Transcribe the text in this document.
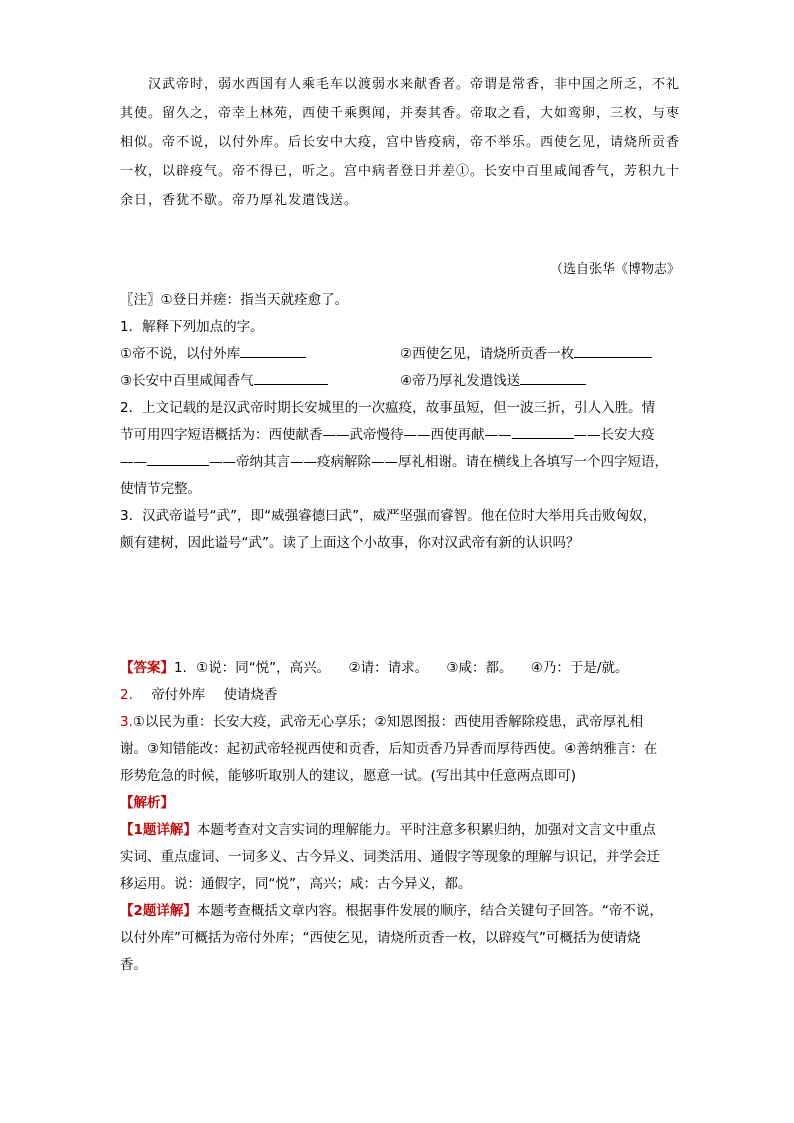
汉武帝时，弱水西国有人乘毛车以渡弱水来献香者。帝谓是常香，非中国之所乏，不礼

其使。留久之，帝幸上林苑，西使千乘舆闻，并奏其香。帝取之看，大如鸾卵，三枚，与枣

相似。帝不说，以付外库。后长安中大疫，宫中皆疫病，帝不举乐。西使乞见，请烧所贡香

一枚，以辟疫气。帝不得已，听之。宫中病者登日并差①。长安中百里咸闻香气，芳积九十

余日，香犹不歇。帝乃厚礼发遣饯送。

（选自张华《博物志》
〖注〗①登日并瘥：指当天就痊愈了。
1．解释下列加点的字。
①帝不说，以付外库	②西使乞见，请烧所贡香一枚
③长安中百里咸闻香气	④帝乃厚礼发遣饯送
2．上文记载的是汉武帝时期长安城里的一次瘟疫，故事虽短，但一波三折，引人入胜。情
节可用四字短语概括为：西使献香——武帝慢待——西使再献——	——长安大疫
——	——帝纳其言——疫病解除——厚礼相谢。请在横线上各填写一个四字短语，
使情节完整。
3．汉武帝谥号“武”，即“威强睿德曰武”，威严坚强而睿智。他在位时大举用兵击败匈奴，
颇有建树，因此谥号“武”。读了上面这个小故事，你对汉武帝有新的认识吗？
【答案】1．①说：同“悦”，高兴。 ②请：请求。 ③咸：都。 ④乃：于是/就。
2. 帝付外库 使请烧香
3.①以民为重：长安大疫，武帝无心享乐；②知恩图报：西使用香解除疫患，武帝厚礼相
谢。③知错能改：起初武帝轻视西使和贡香，后知贡香乃异香而厚待西使。④善纳雅言：在
形势危急的时候，能够听取别人的建议，愿意一试。(写出其中任意两点即可)
【解析】
【1题详解】本题考查对文言实词的理解能力。平时注意多积累归纳，加强对文言文中重点
实词、重点虚词、一词多义、古今异义、词类活用、通假字等现象的理解与识记，并学会迁
移运用。说：通假字，同“悦”，高兴；咸：古今异义，都。
【2题详解】本题考查概括文章内容。根据事件发展的顺序，结合关键句子回答。“帝不说，
以付外库”可概括为帝付外库；“西使乞见，请烧所贡香一枚，以辟疫气”可概括为使请烧
香。
